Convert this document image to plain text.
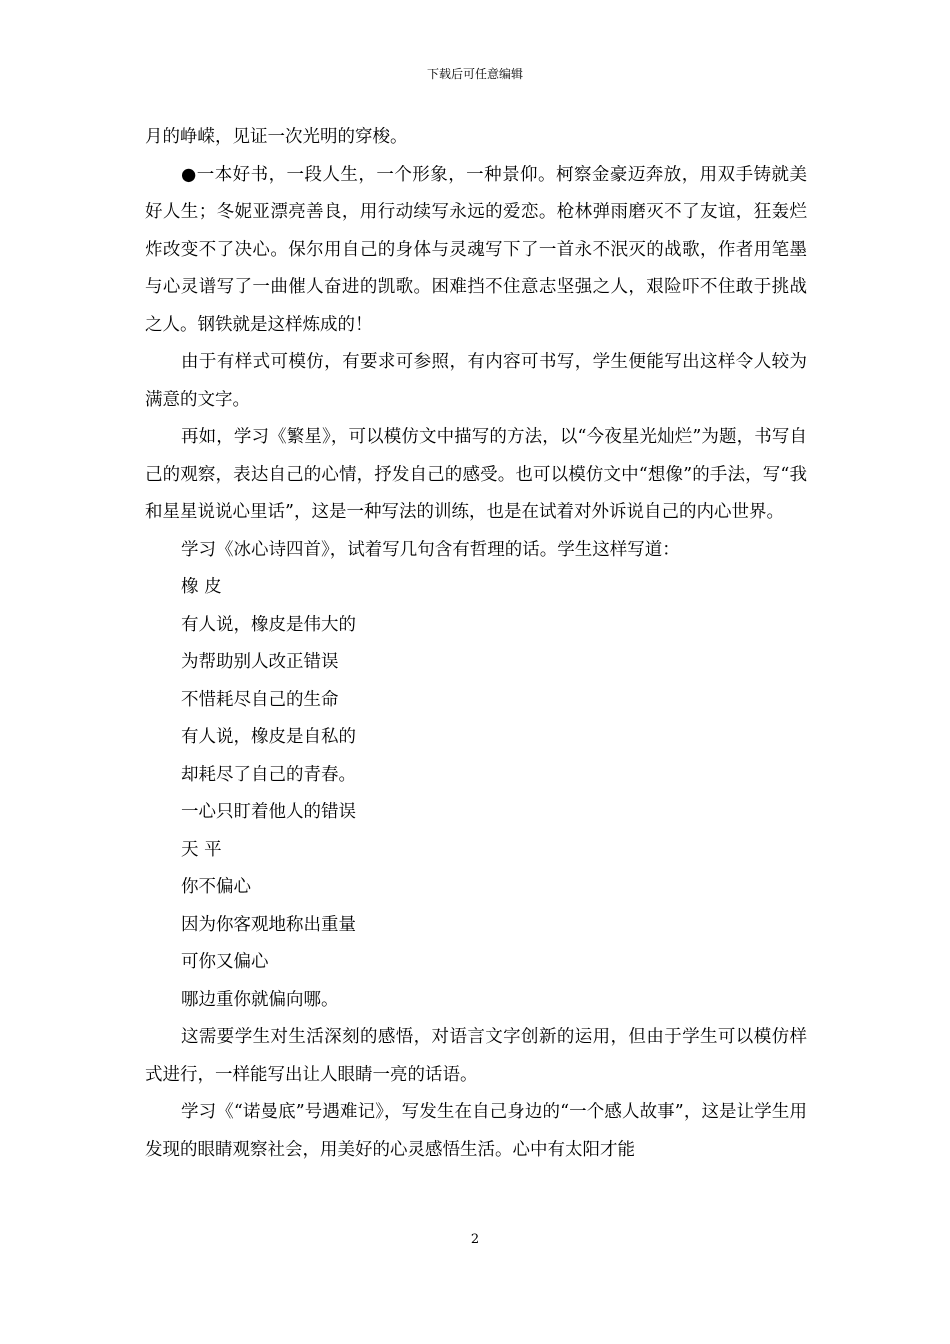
下载后可任意编辑

月的峥嵘，见证一次光明的穿梭。

●一本好书，一段人生，一个形象，一种景仰。柯察金豪迈奔放，用双手铸就美好人生；冬妮亚漂亮善良，用行动续写永远的爱恋。枪林弹雨磨灭不了友谊，狂轰烂炸改变不了决心。保尔用自己的身体与灵魂写下了一首永不泯灭的战歌，作者用笔墨与心灵谱写了一曲催人奋进的凯歌。困难挡不住意志坚强之人，艰险吓不住敢于挑战之人。钢铁就是这样炼成的！

由于有样式可模仿，有要求可参照，有内容可书写，学生便能写出这样令人较为满意的文字。

再如，学习《繁星》，可以模仿文中描写的方法，以“今夜星光灿烂”为题，书写自己的观察，表达自己的心情，抒发自己的感受。也可以模仿文中“想像”的手法，写“我和星星说说心里话”，这是一种写法的训练，也是在试着对外诉说自己的内心世界。

学习《冰心诗四首》，试着写几句含有哲理的话。学生这样写道：

橡 皮

有人说，橡皮是伟大的

为帮助别人改正错误

不惜耗尽自己的生命

有人说，橡皮是自私的

却耗尽了自己的青春。

一心只盯着他人的错误

天 平

你不偏心

因为你客观地称出重量

可你又偏心

哪边重你就偏向哪。

这需要学生对生活深刻的感悟，对语言文字创新的运用，但由于学生可以模仿样式进行，一样能写出让人眼睛一亮的话语。

学习《“诺曼底”号遇难记》，写发生在自己身边的“一个感人故事”，这是让学生用发现的眼睛观察社会，用美好的心灵感悟生活。心中有太阳才能

2
